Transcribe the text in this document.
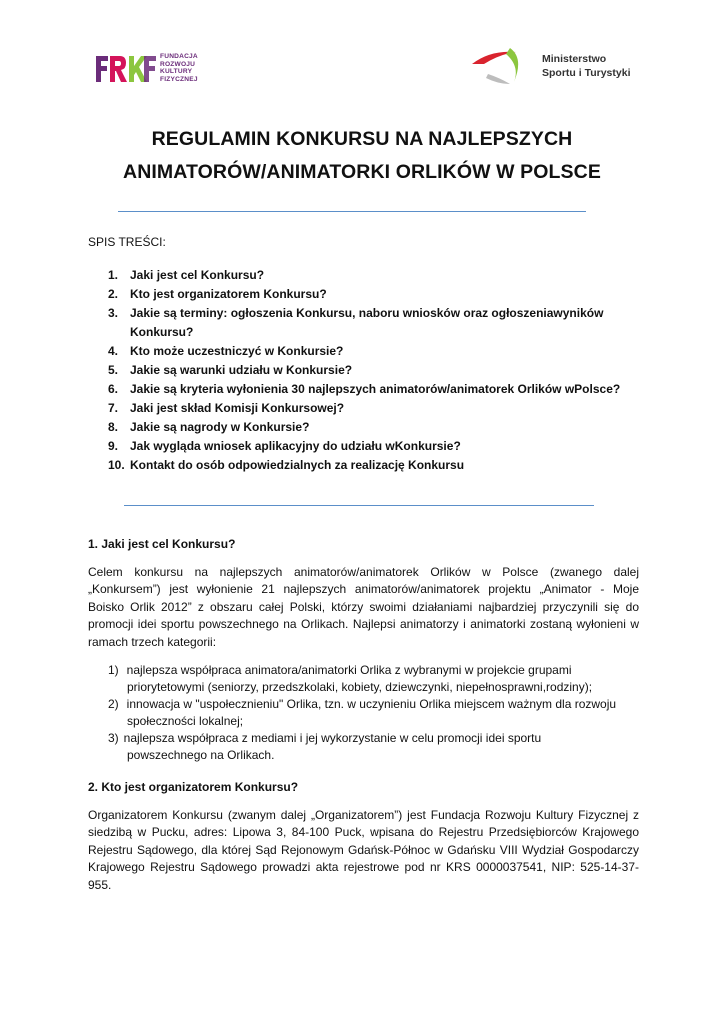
FUNDACJA
ROZWOJU
KULTURY
FIZYCZNEJ
Ministerstwo
Sportu i Turystyki
REGULAMIN KONKURSU NA NAJLEPSZYCH
ANIMATORÓW/ANIMATORKI ORLIKÓW W POLSCE
SPIS TREŚCI:
1. Jaki jest cel Konkursu?
2. Kto jest organizatorem Konkursu?
3. Jakie są terminy: ogłoszenia Konkursu, naboru wniosków oraz ogłoszeniawyników
Konkursu?
4. Kto może uczestniczyć w Konkursie?
5. Jakie są warunki udziału w Konkursie?
6. Jakie są kryteria wyłonienia 30 najlepszych animatorów/animatorek Orlików wPolsce?
7. Jaki jest skład Komisji Konkursowej?
8. Jakie są nagrody w Konkursie?
9. Jak wygląda wniosek aplikacyjny do udziału wKonkursie?
10. Kontakt do osób odpowiedzialnych za realizację Konkursu
1. Jaki jest cel Konkursu?
Celem konkursu na najlepszych animatorów/animatorek Orlików w Polsce (zwanego dalej
„Konkursem”) jest wyłonienie 21 najlepszych animatorów/animatorek projektu „Animator - Moje
Boisko Orlik 2012” z obszaru całej Polski, którzy swoimi działaniami najbardziej przyczynili się do
promocji idei sportu powszechnego na Orlikach. Najlepsi animatorzy i animatorki zostaną wyłonieni w
ramach trzech kategorii:
1) najlepsza współpraca animatora/animatorki Orlika z wybranymi w projekcie grupami
priorytetowymi (seniorzy, przedszkolaki, kobiety, dziewczynki, niepełnosprawni,rodziny);
2) innowacja w "uspołecznieniu" Orlika, tzn. w uczynieniu Orlika miejscem ważnym dla rozwoju
społeczności lokalnej;
3) najlepsza współpraca z mediami i jej wykorzystanie w celu promocji idei sportu
powszechnego na Orlikach.
2. Kto jest organizatorem Konkursu?
Organizatorem Konkursu (zwanym dalej „Organizatorem”) jest Fundacja Rozwoju Kultury Fizycznej z
siedzibą w Pucku, adres: Lipowa 3, 84-100 Puck, wpisana do Rejestru Przedsiębiorców Krajowego
Rejestru Sądowego, dla której Sąd Rejonowym Gdańsk-Północ w Gdańsku VIII Wydział Gospodarczy
Krajowego Rejestru Sądowego prowadzi akta rejestrowe pod nr KRS 0000037541, NIP: 525-14-37- 955.
